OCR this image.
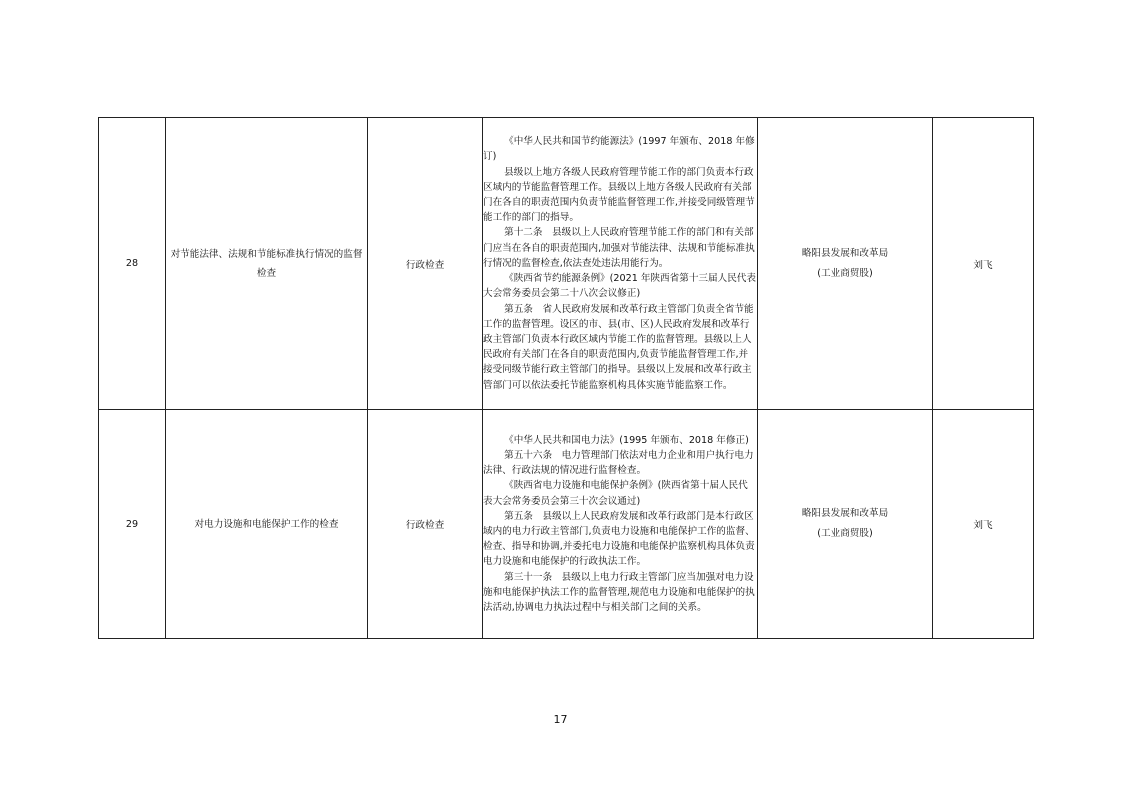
28	对节能法律、法规和节能标准执行情况的监督检查	行政检查	《中华人民共和国节约能源法》(1997 年颁布、2018 年修订)
县级以上地方各级人民政府管理节能工作的部门负责本行政区域内的节能监督管理工作。县级以上地方各级人民政府有关部门在各自的职责范围内负责节能监督管理工作,并接受同级管理节能工作的部门的指导。
第十二条　县级以上人民政府管理节能工作的部门和有关部门应当在各自的职责范围内,加强对节能法律、法规和节能标准执行情况的监督检查,依法查处违法用能行为。
《陕西省节约能源条例》(2021 年陕西省第十三届人民代表大会常务委员会第二十八次会议修正)
第五条　省人民政府发展和改革行政主管部门负责全省节能工作的监督管理。设区的市、县(市、区)人民政府发展和改革行政主管部门负责本行政区域内节能工作的监督管理。县级以上人民政府有关部门在各自的职责范围内,负责节能监督管理工作,并接受同级节能行政主管部门的指导。县级以上发展和改革行政主管部门可以依法委托节能监察机构具体实施节能监察工作。	略阳县发展和改革局
(工业商贸股)	刘飞
29	对电力设施和电能保护工作的检查	行政检查	《中华人民共和国电力法》(1995 年颁布、2018 年修正)
第五十六条　电力管理部门依法对电力企业和用户执行电力法律、行政法规的情况进行监督检查。
《陕西省电力设施和电能保护条例》(陕西省第十届人民代表大会常务委员会第三十次会议通过)
第五条　县级以上人民政府发展和改革行政部门是本行政区域内的电力行政主管部门,负责电力设施和电能保护工作的监督、检查、指导和协调,并委托电力设施和电能保护监察机构具体负责电力设施和电能保护的行政执法工作。
第三十一条　县级以上电力行政主管部门应当加强对电力设施和电能保护执法工作的监督管理,规范电力设施和电能保护的执法活动,协调电力执法过程中与相关部门之间的关系。	略阳县发展和改革局
(工业商贸股)	刘飞
17
